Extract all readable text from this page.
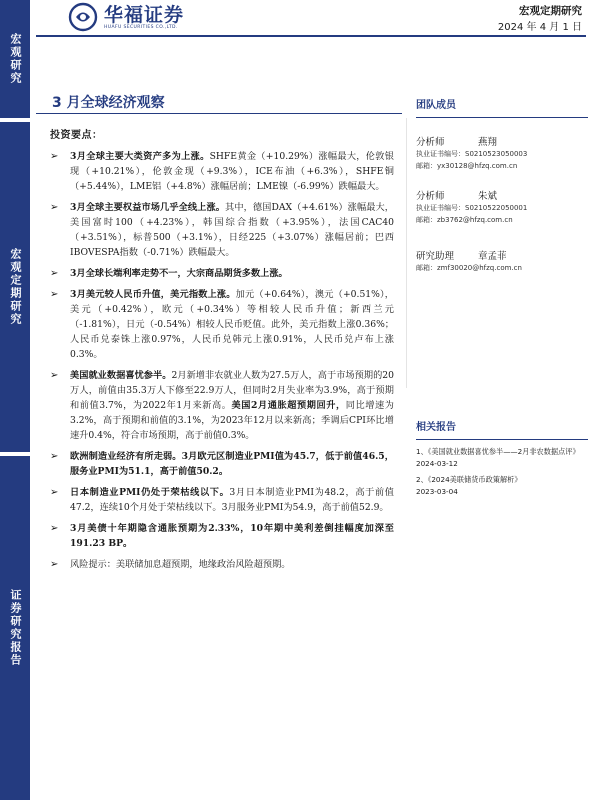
宏观研究
宏观定期研究
证券研究报告
华福证券
HUAFU SECURITIES CO.,LTD.
宏观定期研究
2024 年 4 月 1 日
3 月全球经济观察
投资要点：
➢	3月全球主要大类资产多为上涨。SHFE黄金（+10.29%）涨幅最大，伦敦银现（+10.21%），伦敦金现（+9.3%），ICE布油（+6.3%），SHFE铜（+5.44%），LME铝（+4.8%）涨幅居前；LME镍（-6.99%）跌幅最大。
➢	3月全球主要权益市场几乎全线上涨。其中，德国DAX（+4.61%）涨幅最大，美国富时100（+4.23%），韩国综合指数（+3.95%），法国CAC40（+3.51%），标普500（+3.1%），日经225（+3.07%）涨幅居前；巴西IBOVESPA指数（-0.71%）跌幅最大。
➢	3月全球长端利率走势不一，大宗商品期货多数上涨。
➢	3月美元较人民币升值，美元指数上涨。加元（+0.64%），澳元（+0.51%），美元（+0.42%），欧元（+0.34%）等相较人民币升值；新西兰元（-1.81%），日元（-0.54%）相较人民币贬值。此外，美元指数上涨0.36%；人民币兑泰铢上涨0.97%，人民币兑韩元上涨0.91%，人民币兑卢布上涨0.3%。
➢	美国就业数据喜忧参半。2月新增非农就业人数为27.5万人，高于市场预期的20万人，前值由35.3万人下修至22.9万人，但同时2月失业率为3.9%，高于预期和前值3.7%，为2022年1月来新高。美国2月通胀超预期回升，同比增速为3.2%，高于预期和前值的3.1%，为2023年12月以来新高；季调后CPI环比增速升0.4%，符合市场预期，高于前值0.3%。
➢	欧洲制造业经济有所走弱。3月欧元区制造业PMI值为45.7，低于前值46.5，服务业PMI为51.1，高于前值50.2。
➢	日本制造业PMI仍处于荣枯线以下。3月日本制造业PMI为48.2，高于前值47.2，连续10个月处于荣枯线以下。3月服务业PMI为54.9，高于前值52.9。
➢	3月美债十年期隐含通胀预期为2.33%，10年期中美利差倒挂幅度加深至191.23 BP。
➢	风险提示：美联储加息超预期，地缘政治风险超预期。
团队成员
分析师	燕翔
执业证书编号：S0210523050003
邮箱：yx30128@hfzq.com.cn
分析师	朱斌
执业证书编号：S0210522050001
邮箱：zb3762@hfzq.com.cn
研究助理	章孟菲
邮箱：zmf30020@hfzq.com.cn
相关报告
1、《美国就业数据喜忧参半——2月非农数据点评》
2024-03-12
2、《2024美联储货币政策解析》
2023-03-04
